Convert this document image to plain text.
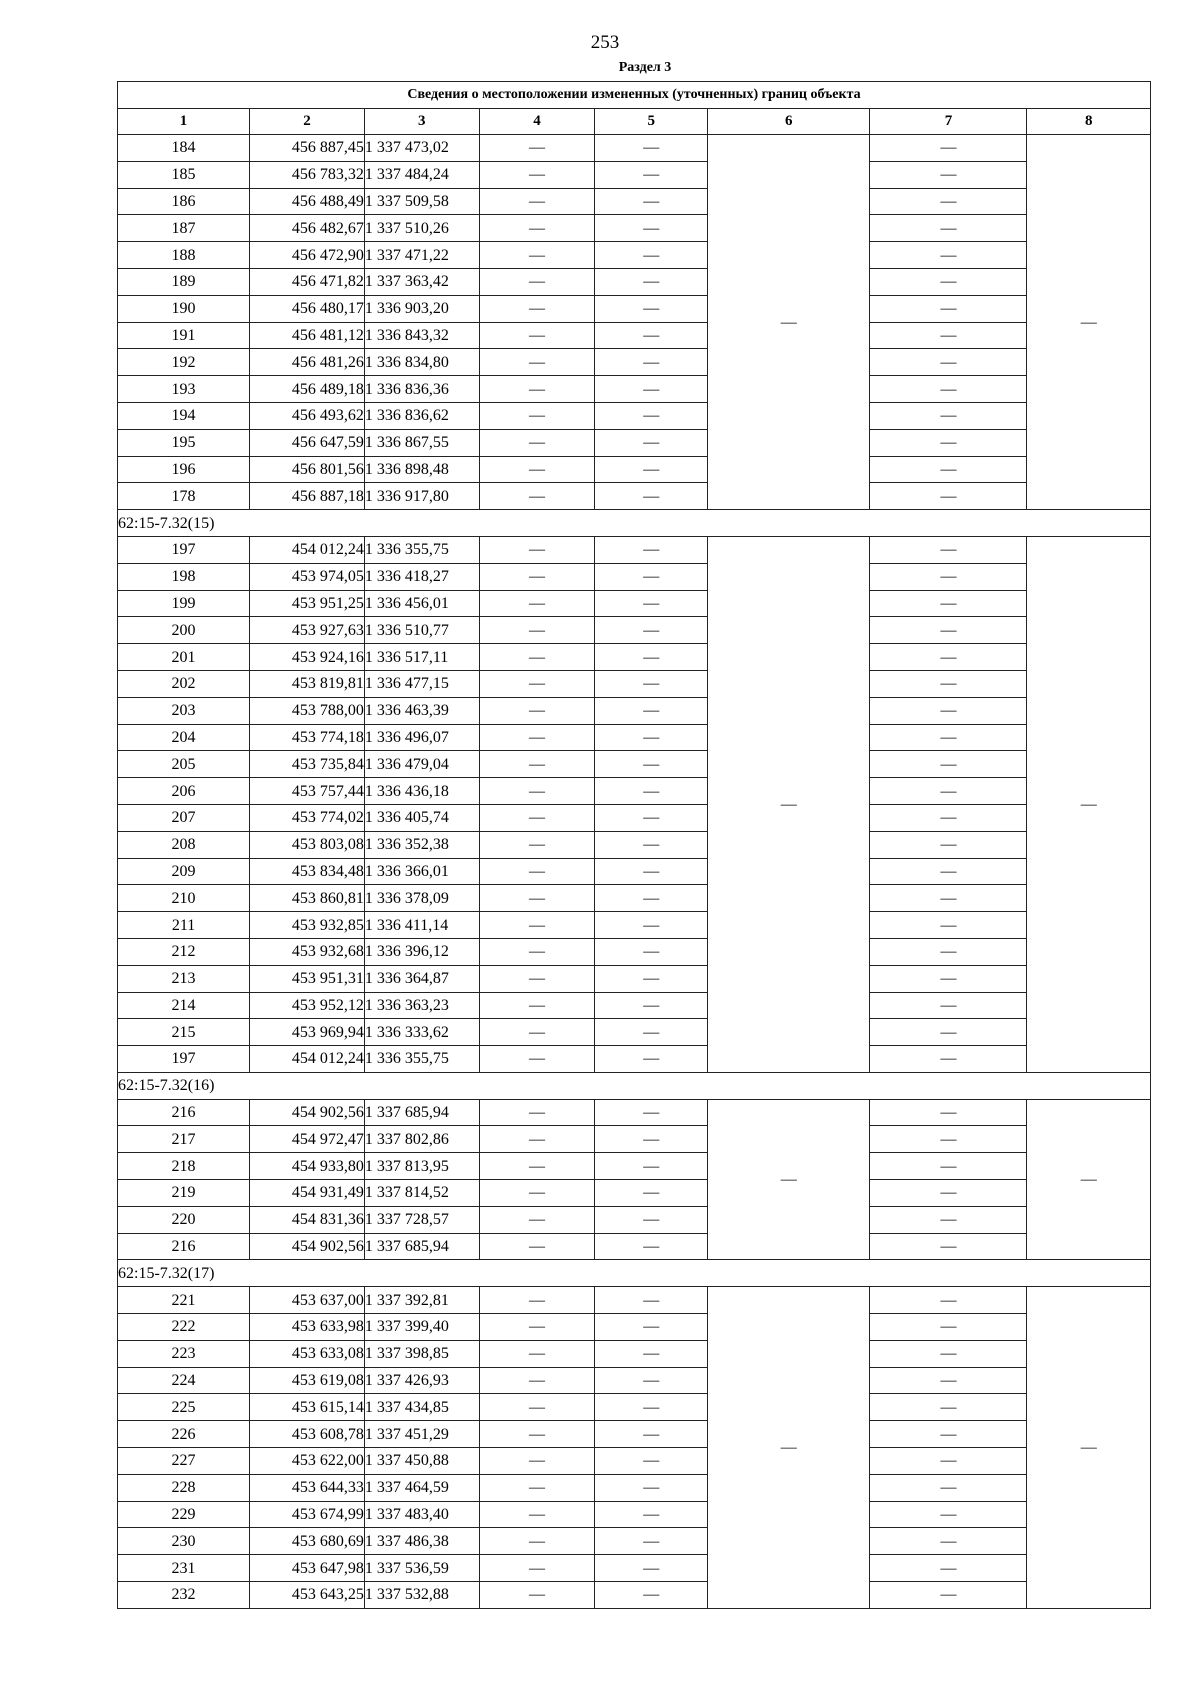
253
Раздел 3
Сведения о местоположении измененных (уточненных) границ объекта							
1	2	3	4	5	6	7	8
184	456 887,45	1 337 473,02	—	—	—	—	—
185	456 783,32	1 337 484,24	—	—		—	
186	456 488,49	1 337 509,58	—	—		—	
187	456 482,67	1 337 510,26	—	—		—	
188	456 472,90	1 337 471,22	—	—		—	
189	456 471,82	1 337 363,42	—	—		—	
190	456 480,17	1 336 903,20	—	—		—	
191	456 481,12	1 336 843,32	—	—		—	
192	456 481,26	1 336 834,80	—	—		—	
193	456 489,18	1 336 836,36	—	—		—	
194	456 493,62	1 336 836,62	—	—		—	
195	456 647,59	1 336 867,55	—	—		—	
196	456 801,56	1 336 898,48	—	—		—	
178	456 887,18	1 336 917,80	—	—		—	
62:15-7.32(15)							
197	454 012,24	1 336 355,75	—	—	—	—	—
198	453 974,05	1 336 418,27	—	—		—	
199	453 951,25	1 336 456,01	—	—		—	
200	453 927,63	1 336 510,77	—	—		—	
201	453 924,16	1 336 517,11	—	—		—	
202	453 819,81	1 336 477,15	—	—		—	
203	453 788,00	1 336 463,39	—	—		—	
204	453 774,18	1 336 496,07	—	—		—	
205	453 735,84	1 336 479,04	—	—		—	
206	453 757,44	1 336 436,18	—	—		—	
207	453 774,02	1 336 405,74	—	—		—	
208	453 803,08	1 336 352,38	—	—		—	
209	453 834,48	1 336 366,01	—	—		—	
210	453 860,81	1 336 378,09	—	—		—	
211	453 932,85	1 336 411,14	—	—		—	
212	453 932,68	1 336 396,12	—	—		—	
213	453 951,31	1 336 364,87	—	—		—	
214	453 952,12	1 336 363,23	—	—		—	
215	453 969,94	1 336 333,62	—	—		—	
197	454 012,24	1 336 355,75	—	—		—	
62:15-7.32(16)							
216	454 902,56	1 337 685,94	—	—	—	—	—
217	454 972,47	1 337 802,86	—	—		—	
218	454 933,80	1 337 813,95	—	—		—	
219	454 931,49	1 337 814,52	—	—		—	
220	454 831,36	1 337 728,57	—	—		—	
216	454 902,56	1 337 685,94	—	—		—	
62:15-7.32(17)							
221	453 637,00	1 337 392,81	—	—	—	—	—
222	453 633,98	1 337 399,40	—	—		—	
223	453 633,08	1 337 398,85	—	—		—	
224	453 619,08	1 337 426,93	—	—		—	
225	453 615,14	1 337 434,85	—	—		—	
226	453 608,78	1 337 451,29	—	—		—	
227	453 622,00	1 337 450,88	—	—		—	
228	453 644,33	1 337 464,59	—	—		—	
229	453 674,99	1 337 483,40	—	—		—	
230	453 680,69	1 337 486,38	—	—		—	
231	453 647,98	1 337 536,59	—	—		—	
232	453 643,25	1 337 532,88	—	—		—	
